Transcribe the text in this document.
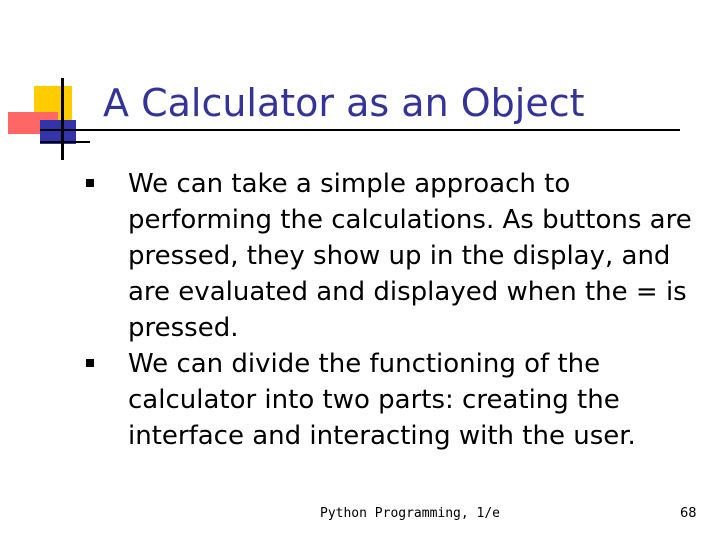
A Calculator as an Object
We can take a simple approach to performing the calculations. As buttons are pressed, they show up in the display, and are evaluated and displayed when the = is pressed.
We can divide the functioning of the calculator into two parts: creating the interface and interacting with the user.
Python Programming, 1/e	68
